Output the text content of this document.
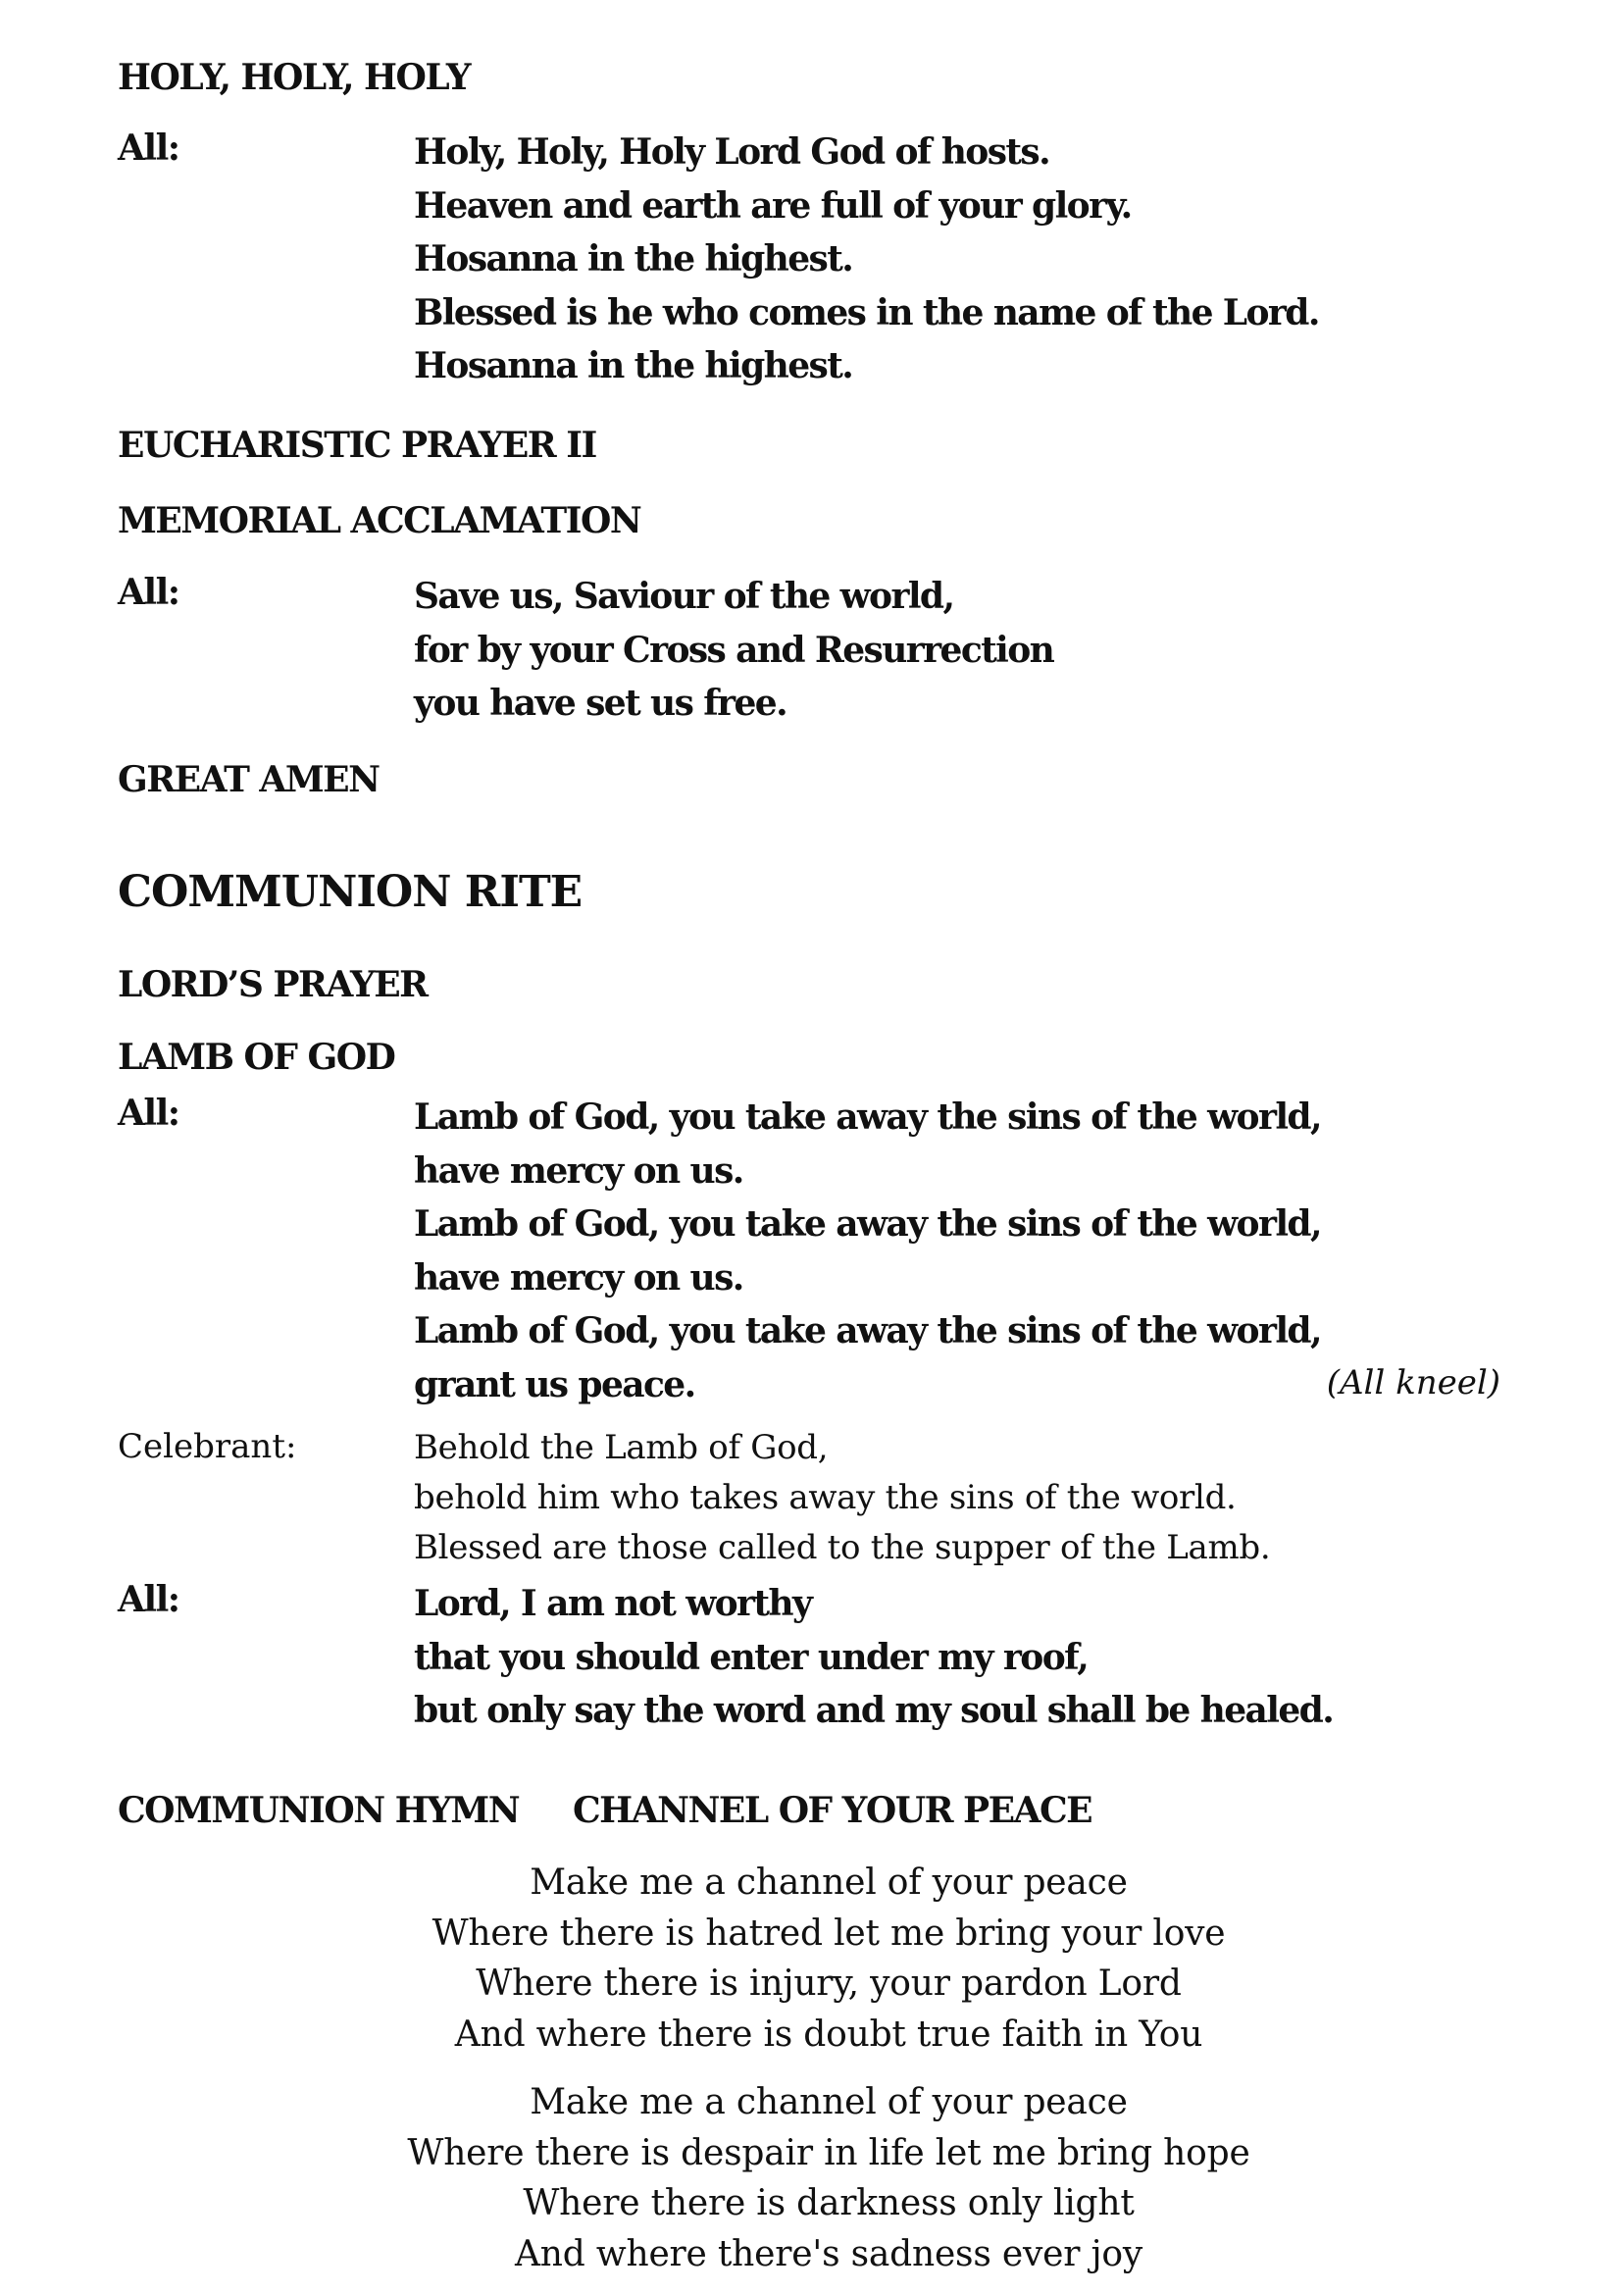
HOLY, HOLY, HOLY
All:	Holy, Holy, Holy Lord God of hosts.
Heaven and earth are full of your glory.
Hosanna in the highest.
Blessed is he who comes in the name of the Lord.
Hosanna in the highest.
EUCHARISTIC PRAYER II
MEMORIAL ACCLAMATION
All:	Save us, Saviour of the world,
for by your Cross and Resurrection
you have set us free.
GREAT AMEN
COMMUNION RITE
LORD’S PRAYER
LAMB OF GOD
All:	Lamb of God, you take away the sins of the world,
have mercy on us.
Lamb of God, you take away the sins of the world,
have mercy on us.
Lamb of God, you take away the sins of the world,
grant us peace.	(All kneel)
Celebrant:	Behold the Lamb of God,
behold him who takes away the sins of the world.
Blessed are those called to the supper of the Lamb.
All:	Lord, I am not worthy
that you should enter under my roof,
but only say the word and my soul shall be healed.
COMMUNION HYMN CHANNEL OF YOUR PEACE
Make me a channel of your peace
Where there is hatred let me bring your love
Where there is injury, your pardon Lord
And where there is doubt true faith in You
Make me a channel of your peace
Where there is despair in life let me bring hope
Where there is darkness only light
And where there's sadness ever joy
